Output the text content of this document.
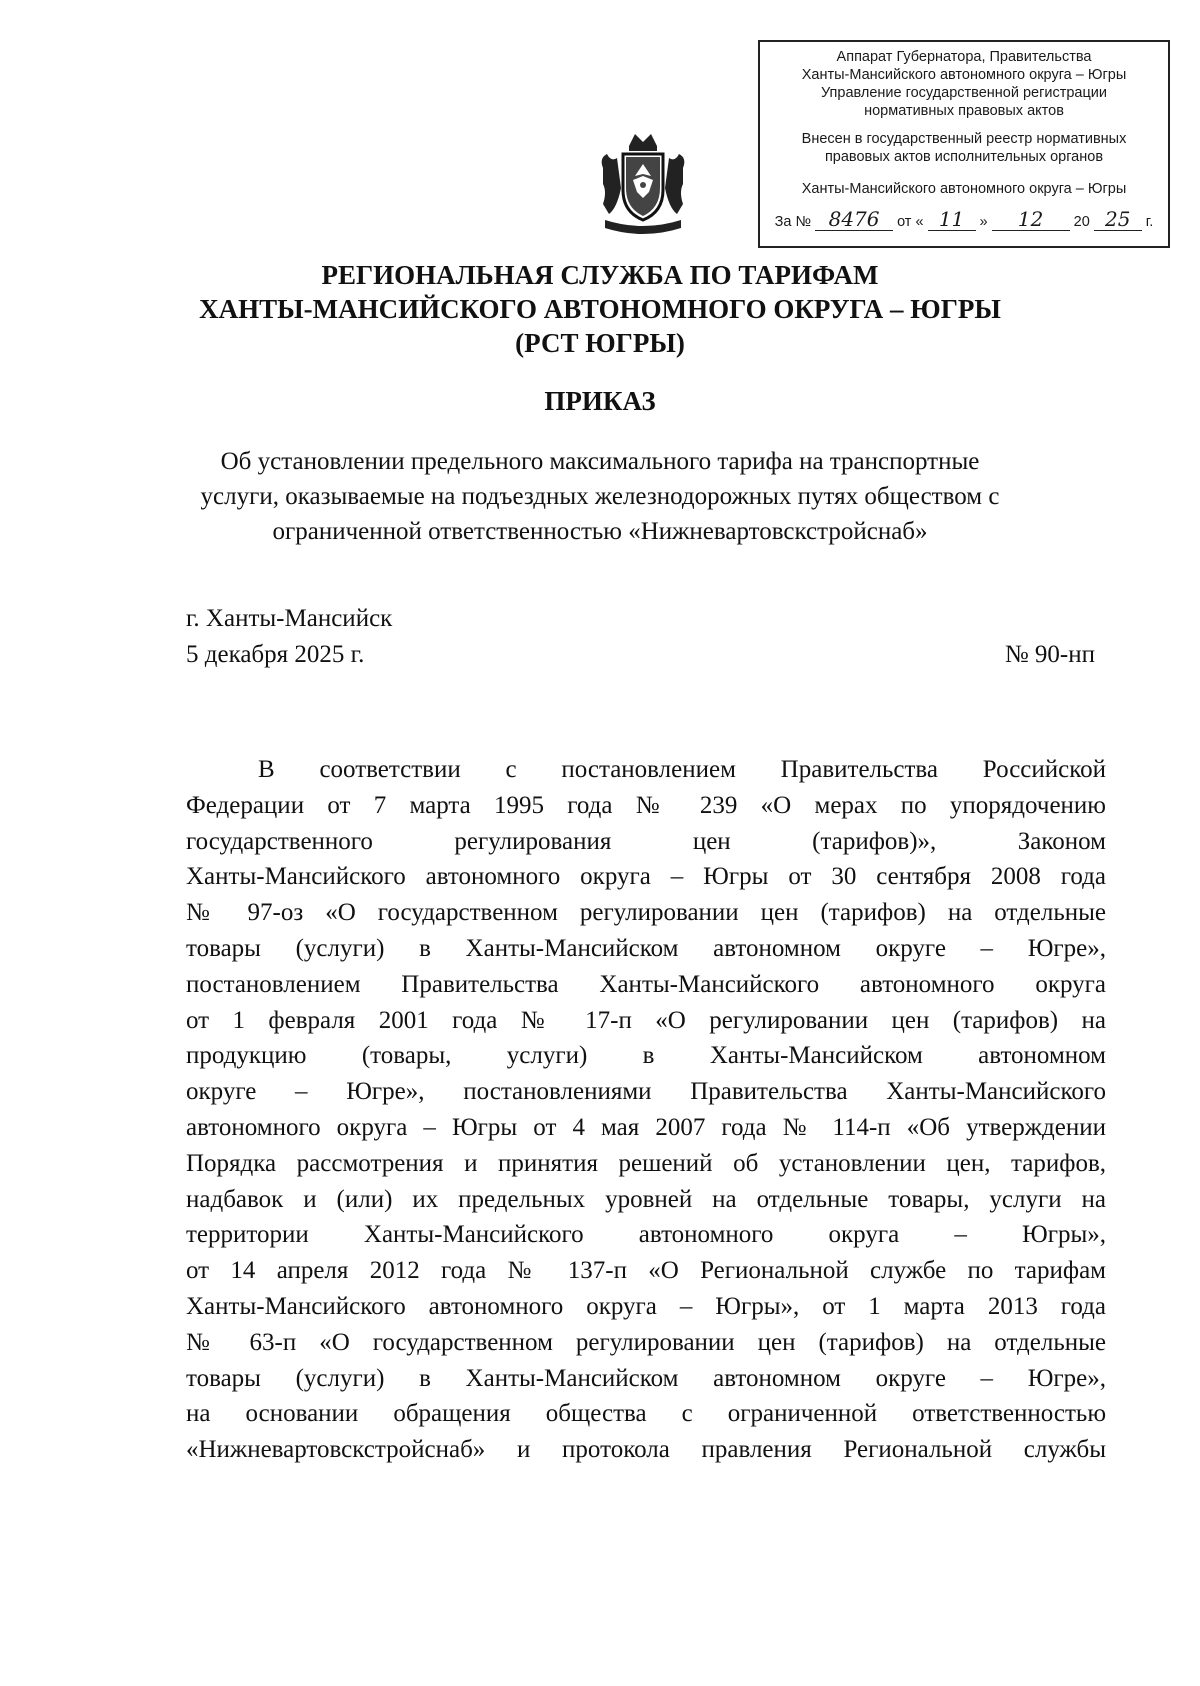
Аппарат Губернатора, Правительства
Ханты-Мансийского автономного округа – Югры
Управление государственной регистрации
нормативных правовых актов
Внесен в государственный реестр нормативных
правовых актов исполнительных органов
Ханты-Мансийского автономного округа – Югры
За № 8476	от « 11	»	12	20 25	г.
РЕГИОНАЛЬНАЯ СЛУЖБА ПО ТАРИФАМ
ХАНТЫ-МАНСИЙСКОГО АВТОНОМНОГО ОКРУГА – ЮГРЫ
(РСТ ЮГРЫ)
ПРИКАЗ
Об установлении предельного максимального тарифа на транспортные
услуги, оказываемые на подъездных железнодорожных путях обществом с
ограниченной ответственностью «Нижневартовскстройснаб»
г. Ханты-Мансийск
5 декабря 2025 г.	№ 90-нп
В соответствии с постановлением Правительства Российской
Федерации от 7 марта 1995 года № 239 «О мерах по упорядочению
государственного регулирования цен (тарифов)», Законом
Ханты-Мансийского автономного округа – Югры от 30 сентября 2008 года
№ 97-оз «О государственном регулировании цен (тарифов) на отдельные
товары (услуги) в Ханты-Мансийском автономном округе – Югре»,
постановлением Правительства Ханты-Мансийского автономного округа
от 1 февраля 2001 года № 17-п «О регулировании цен (тарифов) на
продукцию (товары, услуги) в Ханты-Мансийском автономном
округе – Югре», постановлениями Правительства Ханты-Мансийского
автономного округа – Югры от 4 мая 2007 года № 114-п «Об утверждении
Порядка рассмотрения и принятия решений об установлении цен, тарифов,
надбавок и (или) их предельных уровней на отдельные товары, услуги на
территории Ханты-Мансийского автономного округа – Югры»,
от 14 апреля 2012 года № 137-п «О Региональной службе по тарифам
Ханты-Мансийского автономного округа – Югры», от 1 марта 2013 года
№ 63-п «О государственном регулировании цен (тарифов) на отдельные
товары (услуги) в Ханты-Мансийском автономном округе – Югре»,
на основании обращения общества с ограниченной ответственностью
«Нижневартовскстройснаб» и протокола правления Региональной службы
